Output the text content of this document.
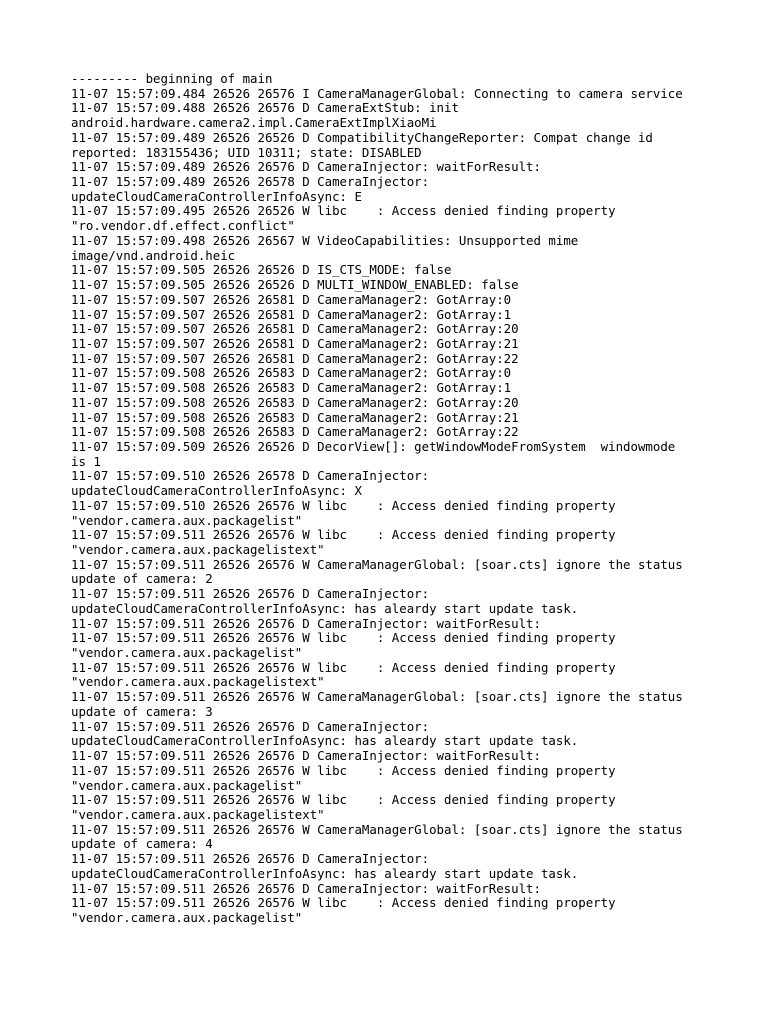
--------- beginning of main
11-07 15:57:09.484 26526 26576 I CameraManagerGlobal: Connecting to camera service
11-07 15:57:09.488 26526 26576 D CameraExtStub: init
android.hardware.camera2.impl.CameraExtImplXiaoMi
11-07 15:57:09.489 26526 26526 D CompatibilityChangeReporter: Compat change id
reported: 183155436; UID 10311; state: DISABLED
11-07 15:57:09.489 26526 26576 D CameraInjector: waitForResult:
11-07 15:57:09.489 26526 26578 D CameraInjector:
updateCloudCameraControllerInfoAsync: E
11-07 15:57:09.495 26526 26526 W libc    : Access denied finding property
"ro.vendor.df.effect.conflict"
11-07 15:57:09.498 26526 26567 W VideoCapabilities: Unsupported mime
image/vnd.android.heic
11-07 15:57:09.505 26526 26526 D IS_CTS_MODE: false
11-07 15:57:09.505 26526 26526 D MULTI_WINDOW_ENABLED: false
11-07 15:57:09.507 26526 26581 D CameraManager2: GotArray:0
11-07 15:57:09.507 26526 26581 D CameraManager2: GotArray:1
11-07 15:57:09.507 26526 26581 D CameraManager2: GotArray:20
11-07 15:57:09.507 26526 26581 D CameraManager2: GotArray:21
11-07 15:57:09.507 26526 26581 D CameraManager2: GotArray:22
11-07 15:57:09.508 26526 26583 D CameraManager2: GotArray:0
11-07 15:57:09.508 26526 26583 D CameraManager2: GotArray:1
11-07 15:57:09.508 26526 26583 D CameraManager2: GotArray:20
11-07 15:57:09.508 26526 26583 D CameraManager2: GotArray:21
11-07 15:57:09.508 26526 26583 D CameraManager2: GotArray:22
11-07 15:57:09.509 26526 26526 D DecorView[]: getWindowModeFromSystem  windowmode
is 1
11-07 15:57:09.510 26526 26578 D CameraInjector:
updateCloudCameraControllerInfoAsync: X
11-07 15:57:09.510 26526 26576 W libc    : Access denied finding property
"vendor.camera.aux.packagelist"
11-07 15:57:09.511 26526 26576 W libc    : Access denied finding property
"vendor.camera.aux.packagelistext"
11-07 15:57:09.511 26526 26576 W CameraManagerGlobal: [soar.cts] ignore the status
update of camera: 2
11-07 15:57:09.511 26526 26576 D CameraInjector:
updateCloudCameraControllerInfoAsync: has aleardy start update task.
11-07 15:57:09.511 26526 26576 D CameraInjector: waitForResult:
11-07 15:57:09.511 26526 26576 W libc    : Access denied finding property
"vendor.camera.aux.packagelist"
11-07 15:57:09.511 26526 26576 W libc    : Access denied finding property
"vendor.camera.aux.packagelistext"
11-07 15:57:09.511 26526 26576 W CameraManagerGlobal: [soar.cts] ignore the status
update of camera: 3
11-07 15:57:09.511 26526 26576 D CameraInjector:
updateCloudCameraControllerInfoAsync: has aleardy start update task.
11-07 15:57:09.511 26526 26576 D CameraInjector: waitForResult:
11-07 15:57:09.511 26526 26576 W libc    : Access denied finding property
"vendor.camera.aux.packagelist"
11-07 15:57:09.511 26526 26576 W libc    : Access denied finding property
"vendor.camera.aux.packagelistext"
11-07 15:57:09.511 26526 26576 W CameraManagerGlobal: [soar.cts] ignore the status
update of camera: 4
11-07 15:57:09.511 26526 26576 D CameraInjector:
updateCloudCameraControllerInfoAsync: has aleardy start update task.
11-07 15:57:09.511 26526 26576 D CameraInjector: waitForResult:
11-07 15:57:09.511 26526 26576 W libc    : Access denied finding property
"vendor.camera.aux.packagelist"
